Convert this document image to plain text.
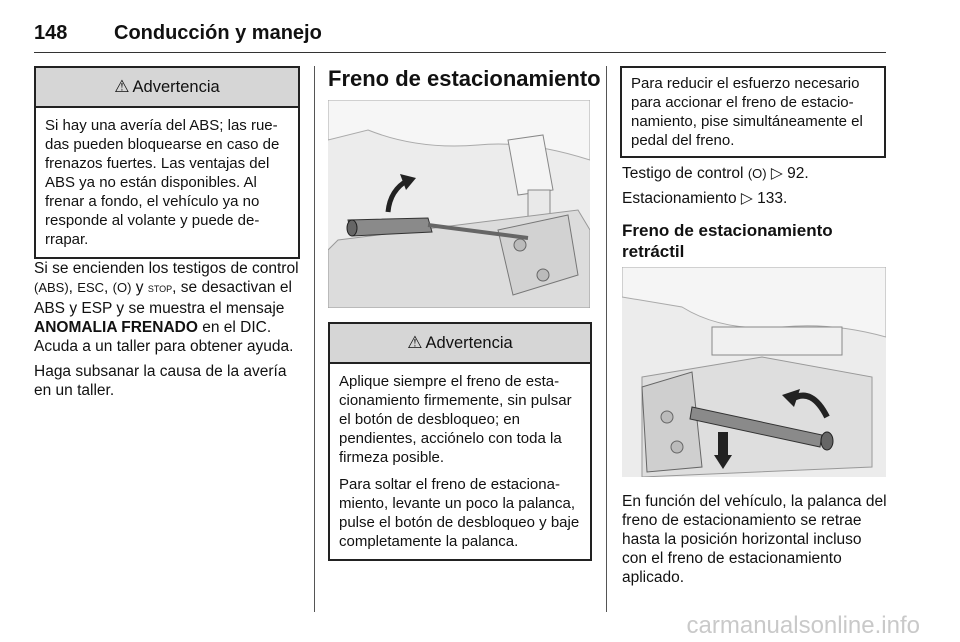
148 Conducción y manejo
⚠ Advertencia

Si hay una avería del ABS; las ruedas pueden bloquearse en caso de frenazos fuertes. Las ventajas del ABS ya no están disponibles. Al frenar a fondo, el vehículo ya no responde al volante y puede derrapar.

Si se encienden los testigos de control (ABS), ESC, (O) y STOP, se desactivan el ABS y ESP y se muestra el mensaje ANOMALIA FRENADO en el DIC. Acuda a un taller para obtener ayuda.

Haga subsanar la causa de la avería en un taller.

Freno de estacionamiento
⚠ Advertencia

Aplique siempre el freno de estacionamiento firmemente, sin pulsar el botón de desbloqueo; en pendientes, acciónelo con toda la firmeza posible.

Para soltar el freno de estacionamiento, levante un poco la palanca, pulse el botón de desbloqueo y baje completamente la palanca.

Para reducir el esfuerzo necesario para accionar el freno de estacionamiento, pise simultáneamente el pedal del freno.

Testigo de control (O) ▷ 92.

Estacionamiento ▷ 133.

Freno de estacionamiento retráctil

En función del vehículo, la palanca del freno de estacionamiento se retrae hasta la posición horizontal incluso con el freno de estacionamiento aplicado.

carmanualsonline.info
